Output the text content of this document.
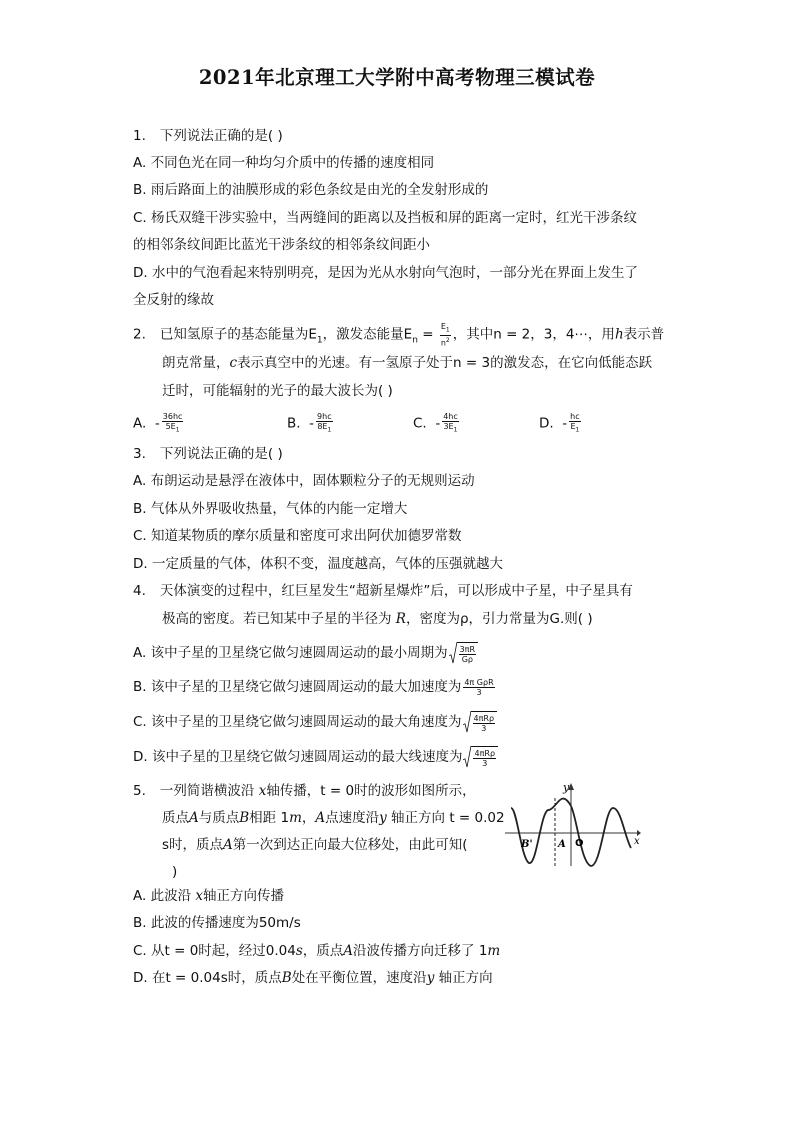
2021年北京理工大学附中高考物理三模试卷
1. 下列说法正确的是( )
A. 不同色光在同一种均匀介质中的传播的速度相同
B. 雨后路面上的油膜形成的彩色条纹是由光的全发射形成的
C. 杨氏双缝干涉实验中，当两缝间的距离以及挡板和屏的距离一定时，红光干涉条纹
的相邻条纹间距比蓝光干涉条纹的相邻条纹间距小
D. 水中的气泡看起来特别明亮，是因为光从水射向气泡时，一部分光在界面上发生了
全反射的缘故
2. 已知氢原子的基态能量为$E_1$，激发态能量$E_n = \frac{E_1}{n^2}$ ，其中n = 2，3，4⋯，用h表示普
朗克常量，c表示真空中的光速。有一氢原子处于n = 3的激发态，在它向低能态跃
迁时，可能辐射的光子的最大波长为( )
A. - $\frac{36hc}{5E_1}$	B. - $\frac{9hc}{8E_1}$	C. - $\frac{4hc}{3E_1}$	D. - $\frac{hc}{E_1}$
3. 下列说法正确的是( )
A. 布朗运动是悬浮在液体中，固体颗粒分子的无规则运动
B. 气体从外界吸收热量，气体的内能一定增大
C. 知道某物质的摩尔质量和密度可求出阿伏加德罗常数
D. 一定质量的气体，体积不变，温度越高，气体的压强就越大
4. 天体演变的过程中，红巨星发生“超新星爆炸”后，可以形成中子星，中子星具有
极高的密度。若已知某中子星的半径为 R，密度为ρ，引力常量为G.则( )
A. 该中子星的卫星绕它做匀速圆周运动的最小周期为 $\frac{3\pi R}{G\rho}$
B. 该中子星的卫星绕它做匀速圆周运动的最大加速度为 $\frac{\text{4π GρR}}{3}$
C. 该中子星的卫星绕它做匀速圆周运动的最大角速度为 $\frac{\text{4πRρ}}{3}$
D. 该中子星的卫星绕它做匀速圆周运动的最大线速度为 $\frac{\text{4πRρ}}{3}$
5. 一列简谐横波沿 x轴传播，t = 0时的波形如图所示，
质点A与质点B相距 1m，A点速度沿y 轴正方向 t = 0.02
s时，质点A第一次到达正向最大位移处，由此可知(
)
y
x
O
A
B'
A. 此波沿 x轴正方向传播
B. 此波的传播速度为50m/s
C. 从t = 0时起，经过0.04s，质点A沿波传播方向迁移了 1m
D. 在t = 0.04s时，质点B处在平衡位置，速度沿y 轴正方向
